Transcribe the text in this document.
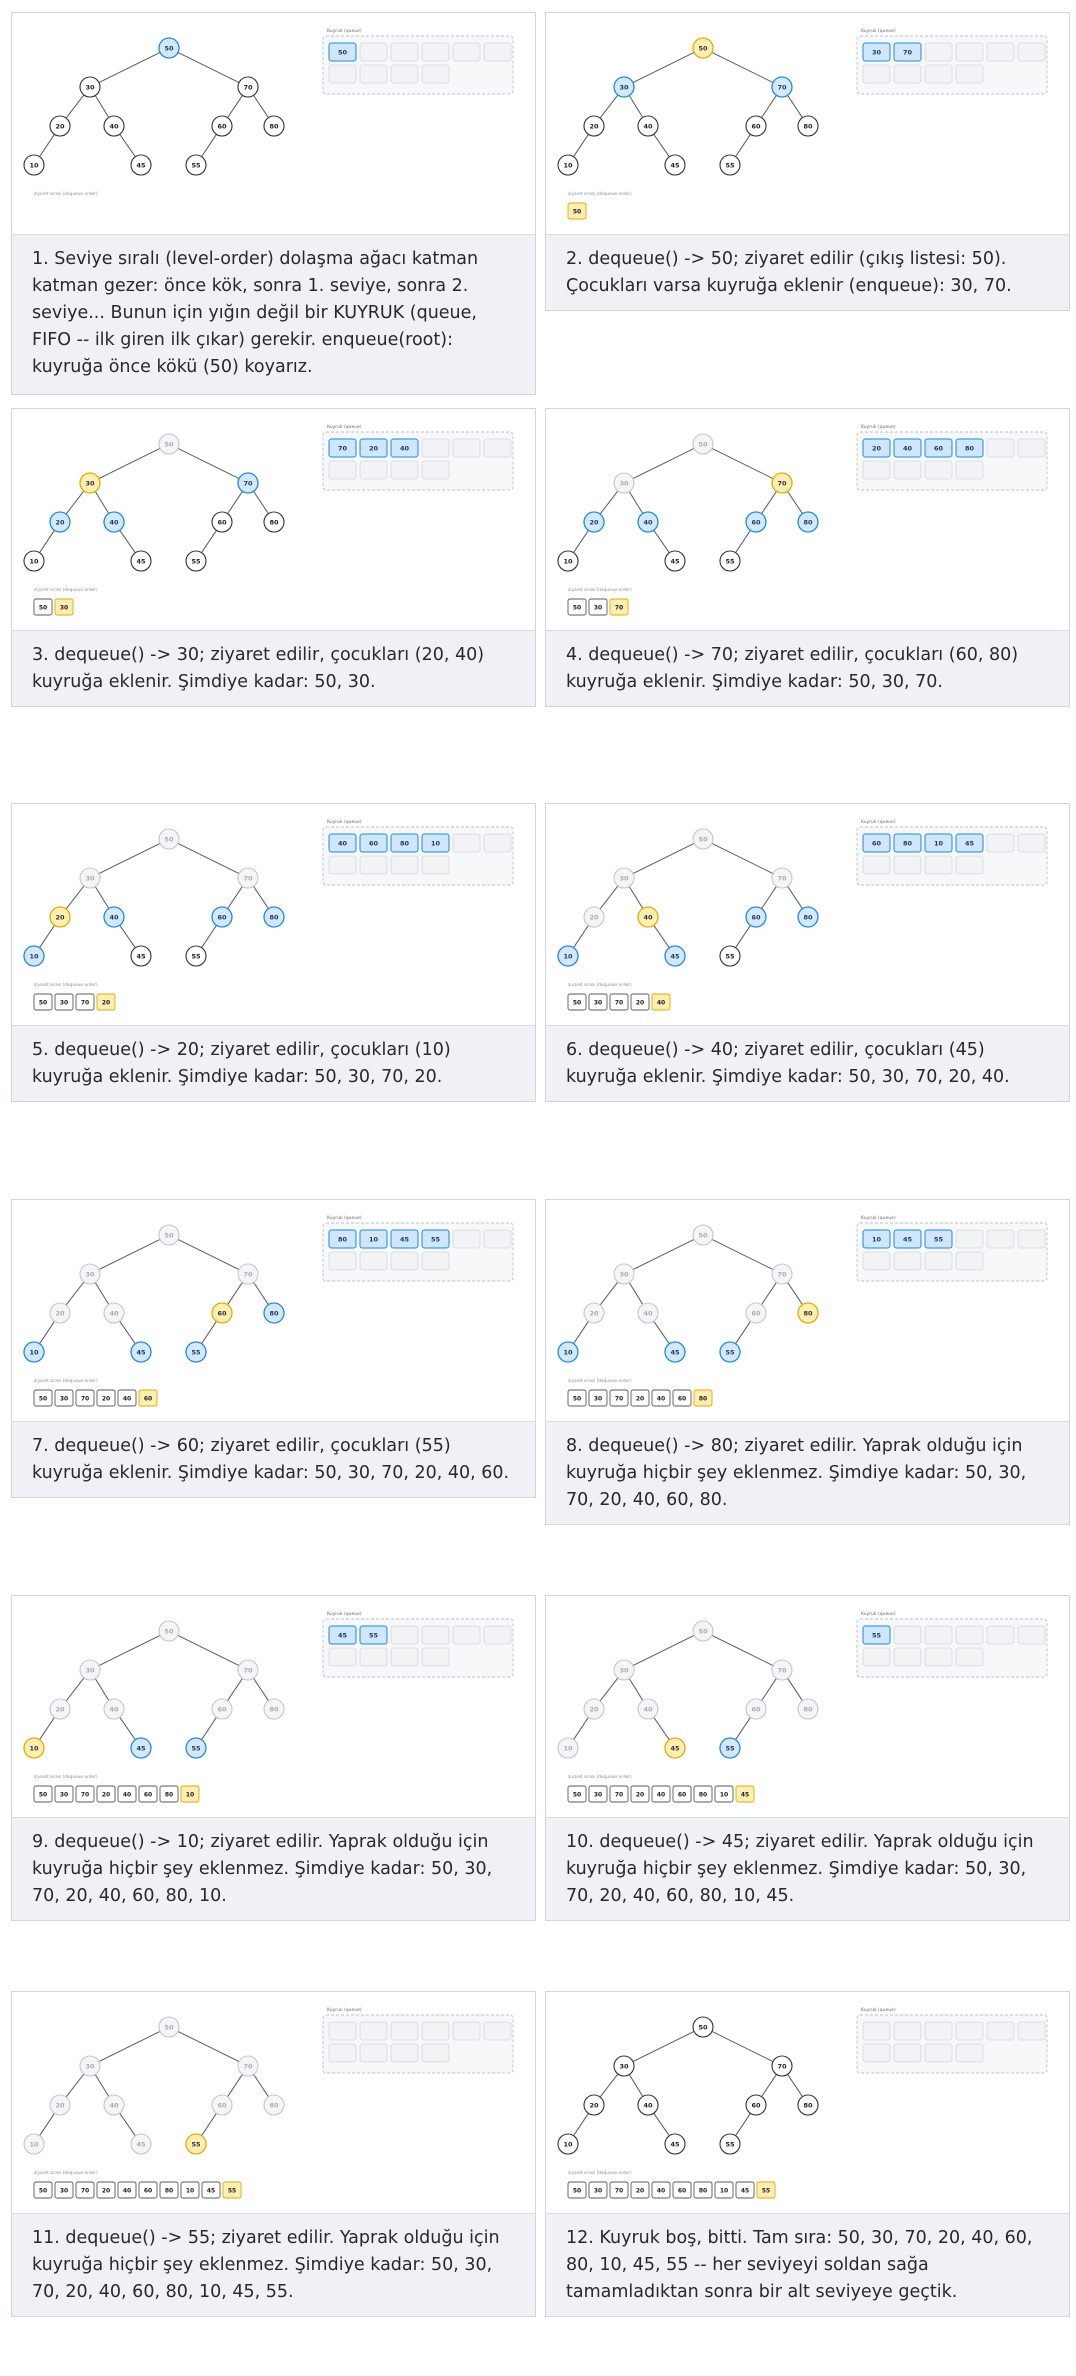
50
30	70
20	40	60	80
10	45	55
Kuyruk (queue)
50
ziyaret sırası (dequeue order)
1. Seviye sıralı (level-order) dolaşma ağacı katman katman gezer: önce kök, sonra 1. seviye, sonra 2. seviye... Bunun için yığın değil bir KUYRUK (queue, FIFO -- ilk giren ilk çıkar) gerekir. enqueue(root): kuyruğa önce kökü (50) koyarız.
50
30	70
20	40	60	80
10	45	55
Kuyruk (queue)
30	70
ziyaret sırası (dequeue order)
50
2. dequeue() -> 50; ziyaret edilir (çıkış listesi: 50). Çocukları varsa kuyruğa eklenir (enqueue): 30, 70.
50
30	70
20	40	60	80
10	45	55
Kuyruk (queue)
70	20	40
ziyaret sırası (dequeue order)
50 30
3. dequeue() -> 30; ziyaret edilir, çocukları (20, 40) kuyruğa eklenir. Şimdiye kadar: 50, 30.
50
30	70
20	40	60	80
10	45	55
Kuyruk (queue)
20	40	60	80
ziyaret sırası (dequeue order)
50 30 70
4. dequeue() -> 70; ziyaret edilir, çocukları (60, 80) kuyruğa eklenir. Şimdiye kadar: 50, 30, 70.
50
30	70
20	40	60	80
10	45	55
Kuyruk (queue)
40	60	80	10
ziyaret sırası (dequeue order)
50 30 70 20
5. dequeue() -> 20; ziyaret edilir, çocukları (10) kuyruğa eklenir. Şimdiye kadar: 50, 30, 70, 20.
50
30	70
20	40	60	80
10	45	55
Kuyruk (queue)
60	80	10	45
ziyaret sırası (dequeue order)
50 30 70 20 40
6. dequeue() -> 40; ziyaret edilir, çocukları (45) kuyruğa eklenir. Şimdiye kadar: 50, 30, 70, 20, 40.
50
30	70
20	40	60	80
10	45	55
Kuyruk (queue)
80	10	45	55
ziyaret sırası (dequeue order)
50 30 70 20 40 60
7. dequeue() -> 60; ziyaret edilir, çocukları (55) kuyruğa eklenir. Şimdiye kadar: 50, 30, 70, 20, 40, 60.
50
30	70
20	40	60	80
10	45	55
Kuyruk (queue)
10	45	55
ziyaret sırası (dequeue order)
50 30 70 20 40 60 80
8. dequeue() -> 80; ziyaret edilir. Yaprak olduğu için kuyruğa hiçbir şey eklenmez. Şimdiye kadar: 50, 30, 70, 20, 40, 60, 80.
50
30	70
20	40	60	80
10	45	55
Kuyruk (queue)
45	55
ziyaret sırası (dequeue order)
50 30 70 20 40 60 80 10
9. dequeue() -> 10; ziyaret edilir. Yaprak olduğu için kuyruğa hiçbir şey eklenmez. Şimdiye kadar: 50, 30, 70, 20, 40, 60, 80, 10.
50
30	70
20	40	60	80
10	45	55
Kuyruk (queue)
55
ziyaret sırası (dequeue order)
50 30 70 20 40 60 80 10 45
10. dequeue() -> 45; ziyaret edilir. Yaprak olduğu için kuyruğa hiçbir şey eklenmez. Şimdiye kadar: 50, 30, 70, 20, 40, 60, 80, 10, 45.
50
30	70
20	40	60	80
10	45	55
Kuyruk (queue)
ziyaret sırası (dequeue order)
50 30 70 20 40 60 80 10 45 55
11. dequeue() -> 55; ziyaret edilir. Yaprak olduğu için kuyruğa hiçbir şey eklenmez. Şimdiye kadar: 50, 30, 70, 20, 40, 60, 80, 10, 45, 55.
50
30	70
20	40	60	80
10	45	55
Kuyruk (queue)
ziyaret sırası (dequeue order)
50 30 70 20 40 60 80 10 45 55
12. Kuyruk boş, bitti. Tam sıra: 50, 30, 70, 20, 40, 60, 80, 10, 45, 55 -- her seviyeyi soldan sağa tamamladıktan sonra bir alt seviyeye geçtik.
